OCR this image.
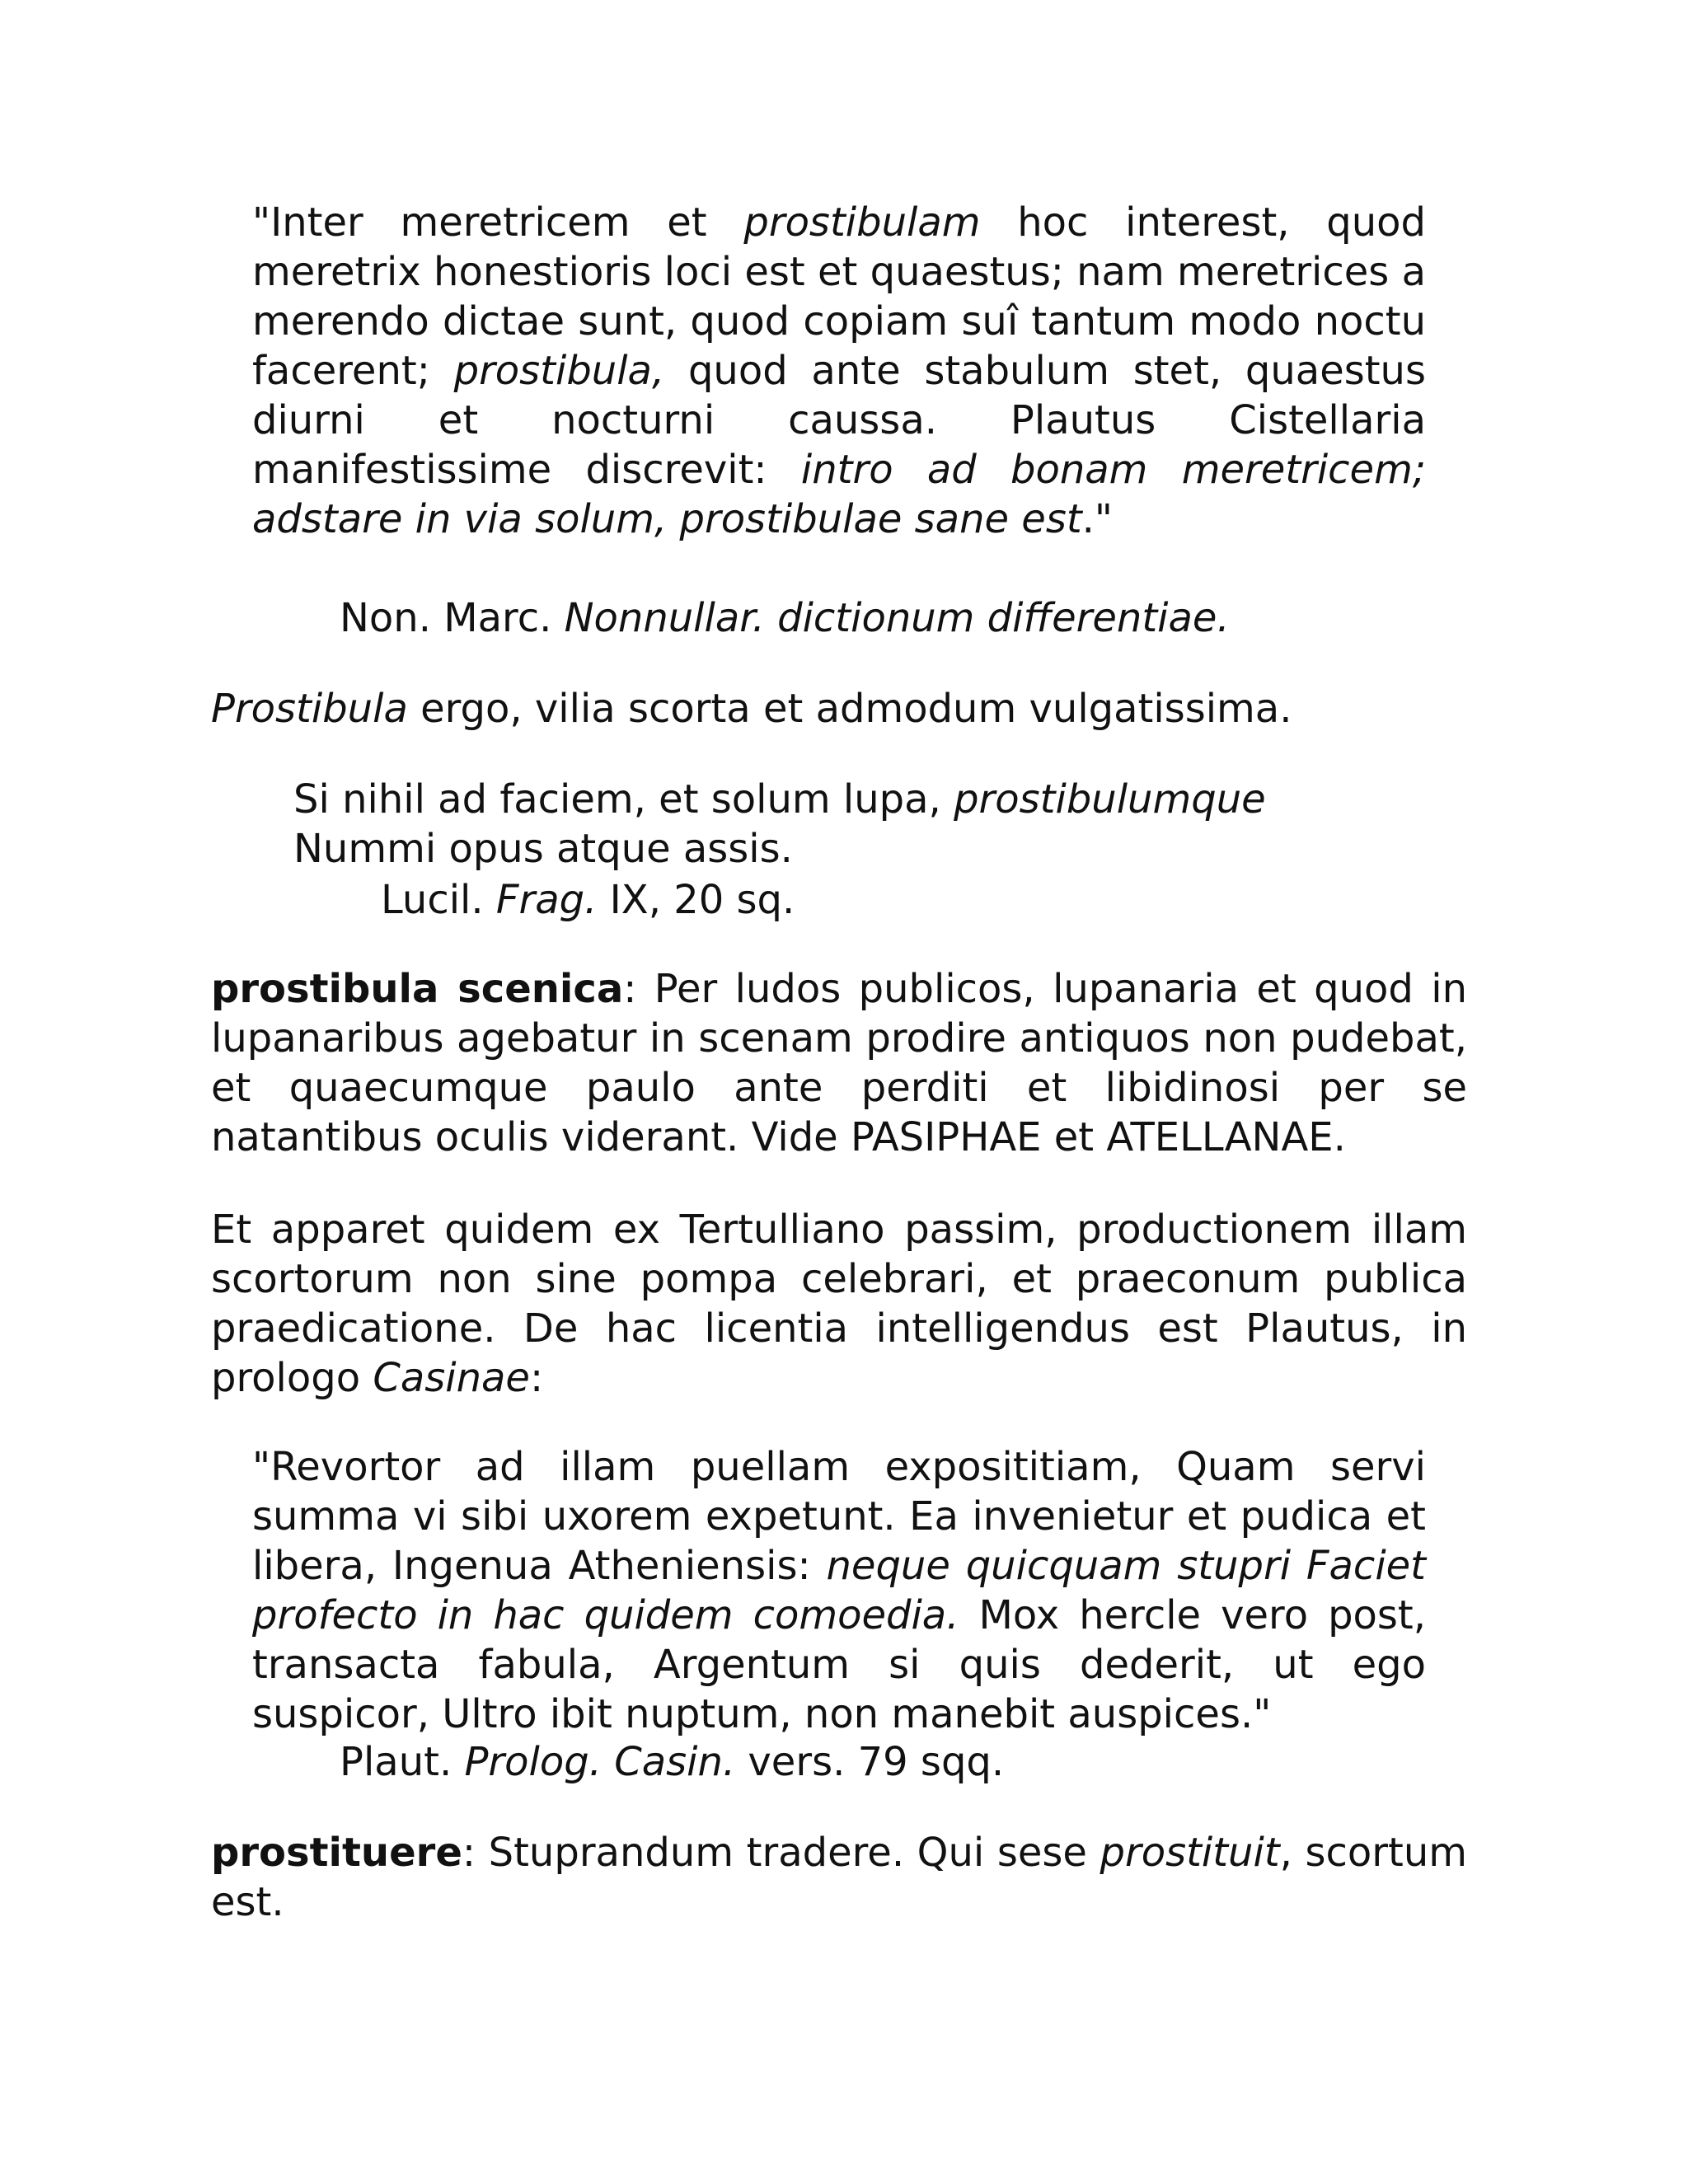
"Inter meretricem et prostibulam hoc interest, quod meretrix honestioris loci est et quaestus; nam meretrices a merendo dictae sunt, quod copiam suî tantum modo noctu facerent; prostibula, quod ante stabulum stet, quaestus diurni et nocturni caussa. Plautus Cistellaria manifestissime discrevit: intro ad bonam meretricem; adstare in via solum, prostibulae sane est."

Non. Marc. Nonnullar. dictionum differentiae.

Prostibula ergo, vilia scorta et admodum vulgatissima.

Si nihil ad faciem, et solum lupa, prostibulumque
Nummi opus atque assis.

Lucil. Frag. IX, 20 sq.

prostibula scenica: Per ludos publicos, lupanaria et quod in lupanaribus agebatur in scenam prodire antiquos non pudebat, et quaecumque paulo ante perditi et libidinosi per se natantibus oculis viderant. Vide PASIPHAE et ATELLANAE.

Et apparet quidem ex Tertulliano passim, productionem illam scortorum non sine pompa celebrari, et praeconum publica praedicatione. De hac licentia intelligendus est Plautus, in prologo Casinae:

"Revortor ad illam puellam exposititiam, Quam servi summa vi sibi uxorem expetunt. Ea invenietur et pudica et libera, Ingenua Atheniensis: neque quicquam stupri Faciet profecto in hac quidem comoedia. Mox hercle vero post, transacta fabula, Argentum si quis dederit, ut ego suspicor, Ultro ibit nuptum, non manebit auspices."

Plaut. Prolog. Casin. vers. 79 sqq.

prostituere: Stuprandum tradere. Qui sese prostituit, scortum est.
